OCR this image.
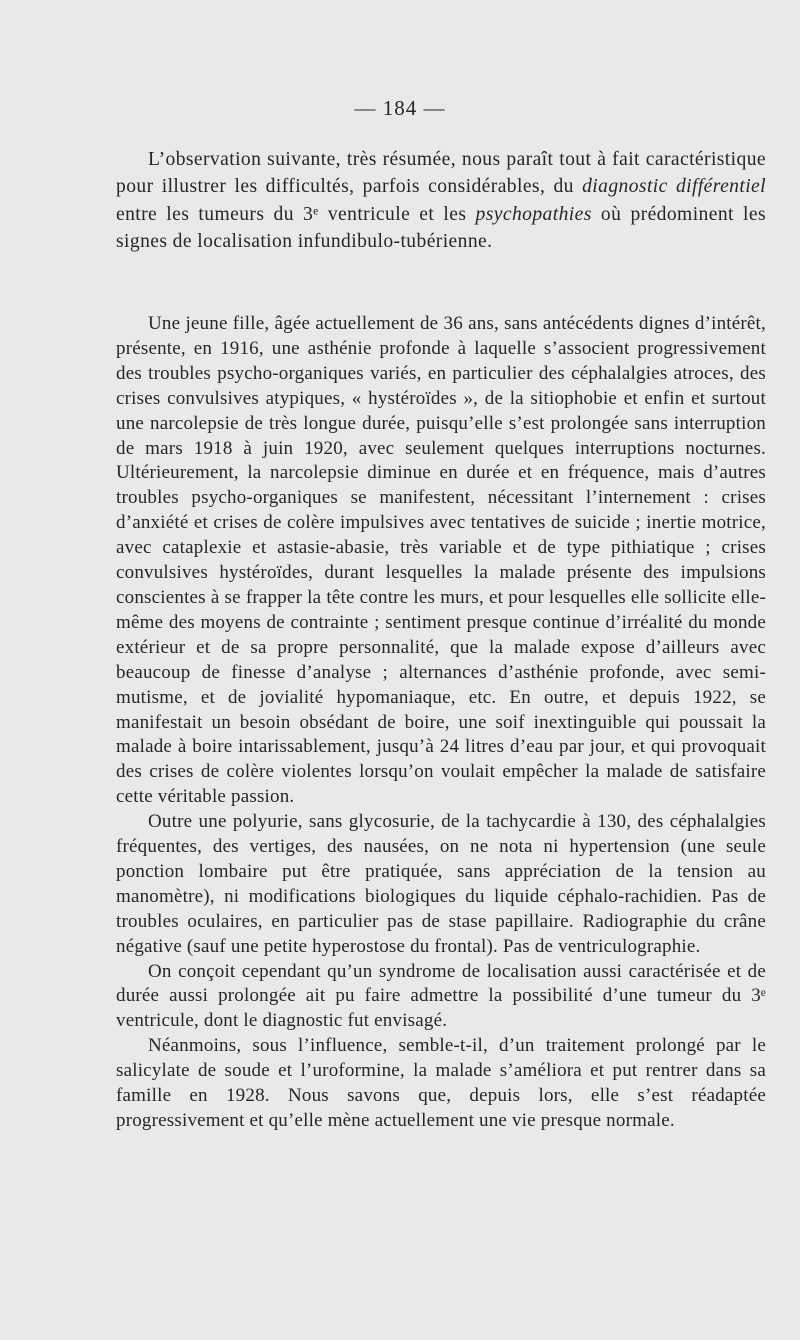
— 184 —

L’observation suivante, très résumée, nous paraît tout à fait caractéristique pour illustrer les difficultés, parfois considérables, du diagnostic différentiel entre les tumeurs du 3ᵉ ventricule et les psychopathies où prédominent les signes de localisation infundibulo-tubérienne.

Une jeune fille, âgée actuellement de 36 ans, sans antécédents dignes d’intérêt, présente, en 1916, une asthénie profonde à laquelle s’associent progressivement des troubles psycho-organiques variés, en particulier des céphalalgies atroces, des crises convulsives atypiques, « hystéroïdes », de la sitiophobie et enfin et surtout une narcolepsie de très longue durée, puisqu’elle s’est prolongée sans interruption de mars 1918 à juin 1920, avec seulement quelques interruptions nocturnes. Ultérieurement, la narcolepsie diminue en durée et en fréquence, mais d’autres troubles psycho-organiques se manifestent, nécessitant l’internement : crises d’anxiété et crises de colère impulsives avec tentatives de suicide ; inertie motrice, avec cataplexie et astasie-abasie, très variable et de type pithiatique ; crises convulsives hystéroïdes, durant lesquelles la malade présente des impulsions conscientes à se frapper la tête contre les murs, et pour lesquelles elle sollicite elle-même des moyens de contrainte ; sentiment presque continue d’irréalité du monde extérieur et de sa propre personnalité, que la malade expose d’ailleurs avec beaucoup de finesse d’analyse ; alternances d’asthénie profonde, avec semi-mutisme, et de jovialité hypomaniaque, etc. En outre, et depuis 1922, se manifestait un besoin obsédant de boire, une soif inextinguible qui poussait la malade à boire intarissablement, jusqu’à 24 litres d’eau par jour, et qui provoquait des crises de colère violentes lorsqu’on voulait empêcher la malade de satisfaire cette véritable passion.

Outre une polyurie, sans glycosurie, de la tachycardie à 130, des céphalalgies fréquentes, des vertiges, des nausées, on ne nota ni hypertension (une seule ponction lombaire put être pratiquée, sans appréciation de la tension au manomètre), ni modifications biologiques du liquide céphalo-rachidien. Pas de troubles oculaires, en particulier pas de stase papillaire. Radiographie du crâne négative (sauf une petite hyperostose du frontal). Pas de ventriculographie.

On conçoit cependant qu’un syndrome de localisation aussi caractérisée et de durée aussi prolongée ait pu faire admettre la possibilité d’une tumeur du 3ᵉ ventricule, dont le diagnostic fut envisagé.

Néanmoins, sous l’influence, semble-t-il, d’un traitement prolongé par le salicylate de soude et l’uroformine, la malade s’améliora et put rentrer dans sa famille en 1928. Nous savons que, depuis lors, elle s’est réadaptée progressivement et qu’elle mène actuellement une vie presque normale.
